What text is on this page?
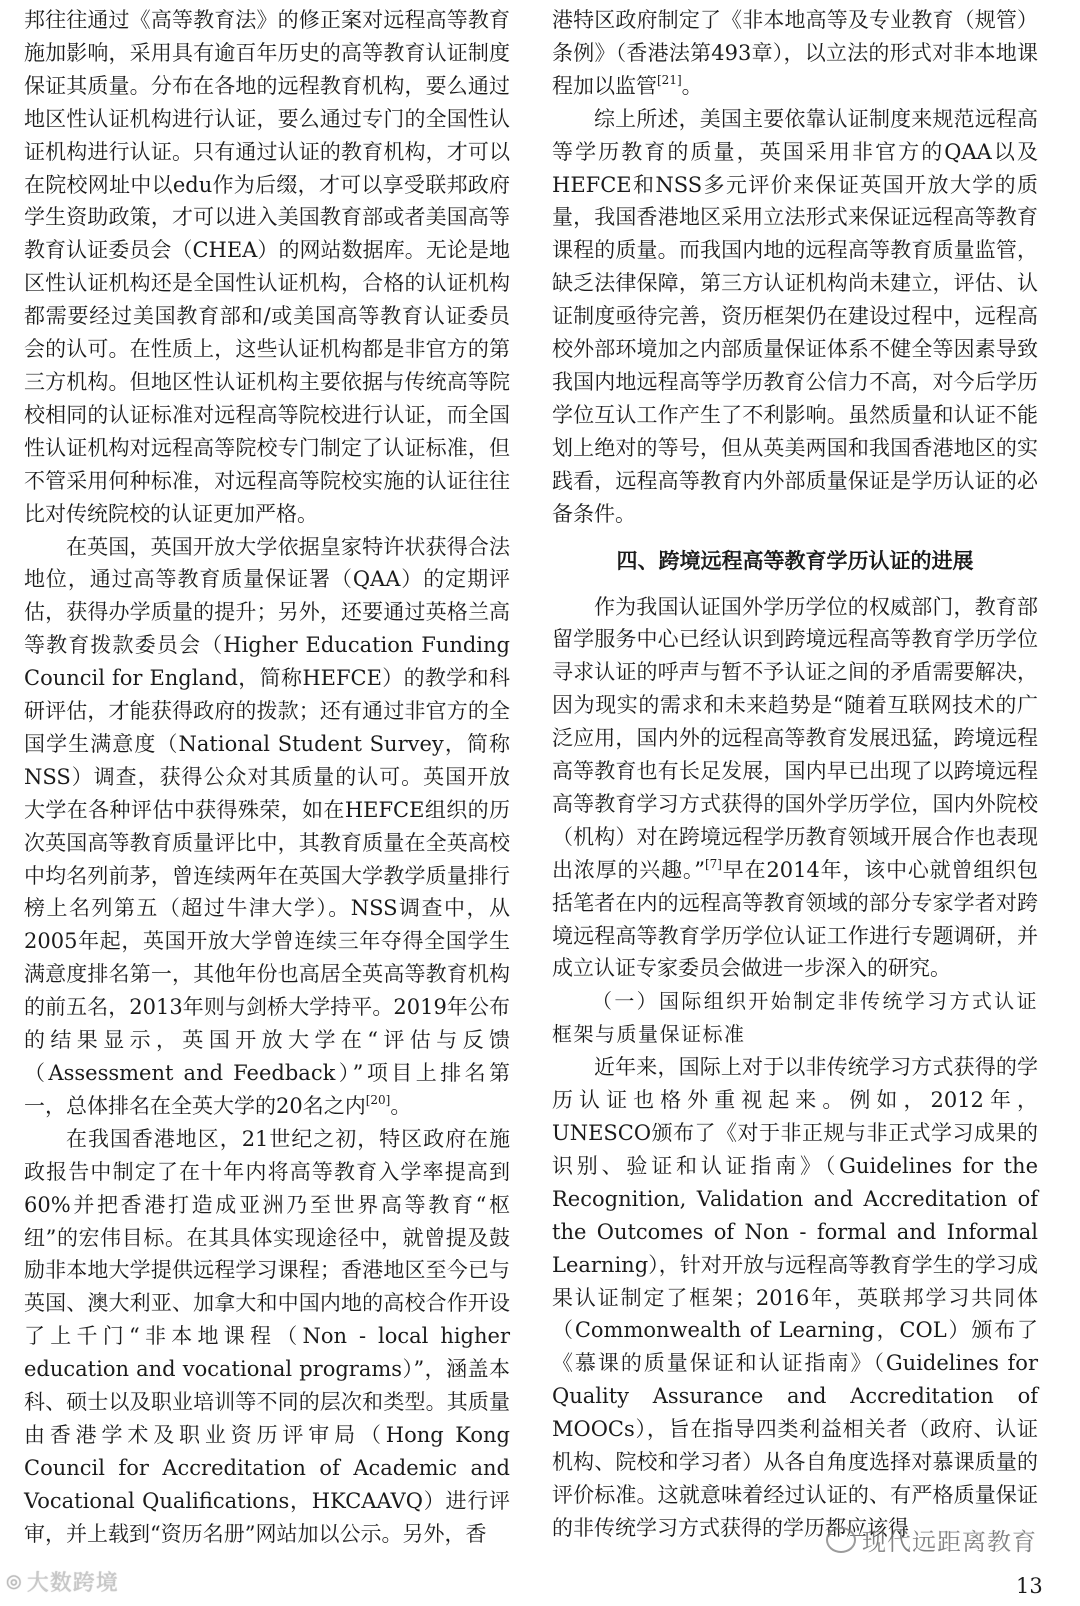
邦往往通过《高等教育法》的修正案对远程高等教育施加影响，采用具有逾百年历史的高等教育认证制度保证其质量。分布在各地的远程教育机构，要么通过地区性认证机构进行认证，要么通过专门的全国性认证机构进行认证。只有通过认证的教育机构，才可以在院校网址中以edu作为后缀，才可以享受联邦政府学生资助政策，才可以进入美国教育部或者美国高等教育认证委员会（CHEA）的网站数据库。无论是地区性认证机构还是全国性认证机构，合格的认证机构都需要经过美国教育部和/或美国高等教育认证委员会的认可。在性质上，这些认证机构都是非官方的第三方机构。但地区性认证机构主要依据与传统高等院校相同的认证标准对远程高等院校进行认证，而全国性认证机构对远程高等院校专门制定了认证标准，但不管采用何种标准，对远程高等院校实施的认证往往比对传统院校的认证更加严格。

在英国，英国开放大学依据皇家特许状获得合法地位，通过高等教育质量保证署（QAA）的定期评估，获得办学质量的提升；另外，还要通过英格兰高等教育拨款委员会（Higher Education Funding Council for England，简称HEFCE）的教学和科研评估，才能获得政府的拨款；还有通过非官方的全国学生满意度（National Student Survey，简称NSS）调查，获得公众对其质量的认可。英国开放大学在各种评估中获得殊荣，如在HEFCE组织的历次英国高等教育质量评比中，其教育质量在全英高校中均名列前茅，曾连续两年在英国大学教学质量排行榜上名列第五（超过牛津大学）。NSS调查中，从2005年起，英国开放大学曾连续三年夺得全国学生满意度排名第一，其他年份也高居全英高等教育机构的前五名，2013年则与剑桥大学持平。2019年公布的结果显示，英国开放大学在“评估与反馈（Assessment and Feedback）”项目上排名第一，总体排名在全英大学的20名之内[20]。

在我国香港地区，21世纪之初，特区政府在施政报告中制定了在十年内将高等教育入学率提高到60%并把香港打造成亚洲乃至世界高等教育“枢纽”的宏伟目标。在其具体实现途径中，就曾提及鼓励非本地大学提供远程学习课程；香港地区至今已与英国、澳大利亚、加拿大和中国内地的高校合作开设了上千门“非本地课程（Non - local higher education and vocational programs）”，涵盖本科、硕士以及职业培训等不同的层次和类型。其质量由香港学术及职业资历评审局（Hong Kong Council for Accreditation of Academic and Vocational Qualifications，HKCAAVQ）进行评审，并上载到“资历名册”网站加以公示。另外，香

港特区政府制定了《非本地高等及专业教育（规管）条例》（香港法第493章），以立法的形式对非本地课程加以监管[21]。

综上所述，美国主要依靠认证制度来规范远程高等学历教育的质量，英国采用非官方的QAA以及HEFCE和NSS多元评价来保证英国开放大学的质量，我国香港地区采用立法形式来保证远程高等教育课程的质量。而我国内地的远程高等教育质量监管，缺乏法律保障，第三方认证机构尚未建立，评估、认证制度亟待完善，资历框架仍在建设过程中，远程高校外部环境加之内部质量保证体系不健全等因素导致我国内地远程高等学历教育公信力不高，对今后学历学位互认工作产生了不利影响。虽然质量和认证不能划上绝对的等号，但从英美两国和我国香港地区的实践看，远程高等教育内外部质量保证是学历认证的必备条件。

四、跨境远程高等教育学历认证的进展

作为我国认证国外学历学位的权威部门，教育部留学服务中心已经认识到跨境远程高等教育学历学位寻求认证的呼声与暂不予认证之间的矛盾需要解决，因为现实的需求和未来趋势是“随着互联网技术的广泛应用，国内外的远程高等教育发展迅猛，跨境远程高等教育也有长足发展，国内早已出现了以跨境远程高等教育学习方式获得的国外学历学位，国内外院校（机构）对在跨境远程学历教育领域开展合作也表现出浓厚的兴趣。”[7]早在2014年，该中心就曾组织包括笔者在内的远程高等教育领域的部分专家学者对跨境远程高等教育学历学位认证工作进行专题调研，并成立认证专家委员会做进一步深入的研究。

（一）国际组织开始制定非传统学习方式认证框架与质量保证标准

近年来，国际上对于以非传统学习方式获得的学历认证也格外重视起来。例如，2012年，UNESCO颁布了《对于非正规与非正式学习成果的识别、验证和认证指南》（Guidelines for the Recognition, Validation and Accreditation of the Outcomes of Non - formal and Informal Learning），针对开放与远程高等教育学生的学习成果认证制定了框架；2016年，英联邦学习共同体（Commonwealth of Learning，COL）颁布了《慕课的质量保证和认证指南》（Guidelines for Quality Assurance and Accreditation of MOOCs），旨在指导四类利益相关者（政府、认证机构、院校和学习者）从各自角度选择对慕课质量的评价标准。这就意味着经过认证的、有严格质量保证的非传统学习方式获得的学历都应该得

◎ 大数跨境
现代远距离教育
13
